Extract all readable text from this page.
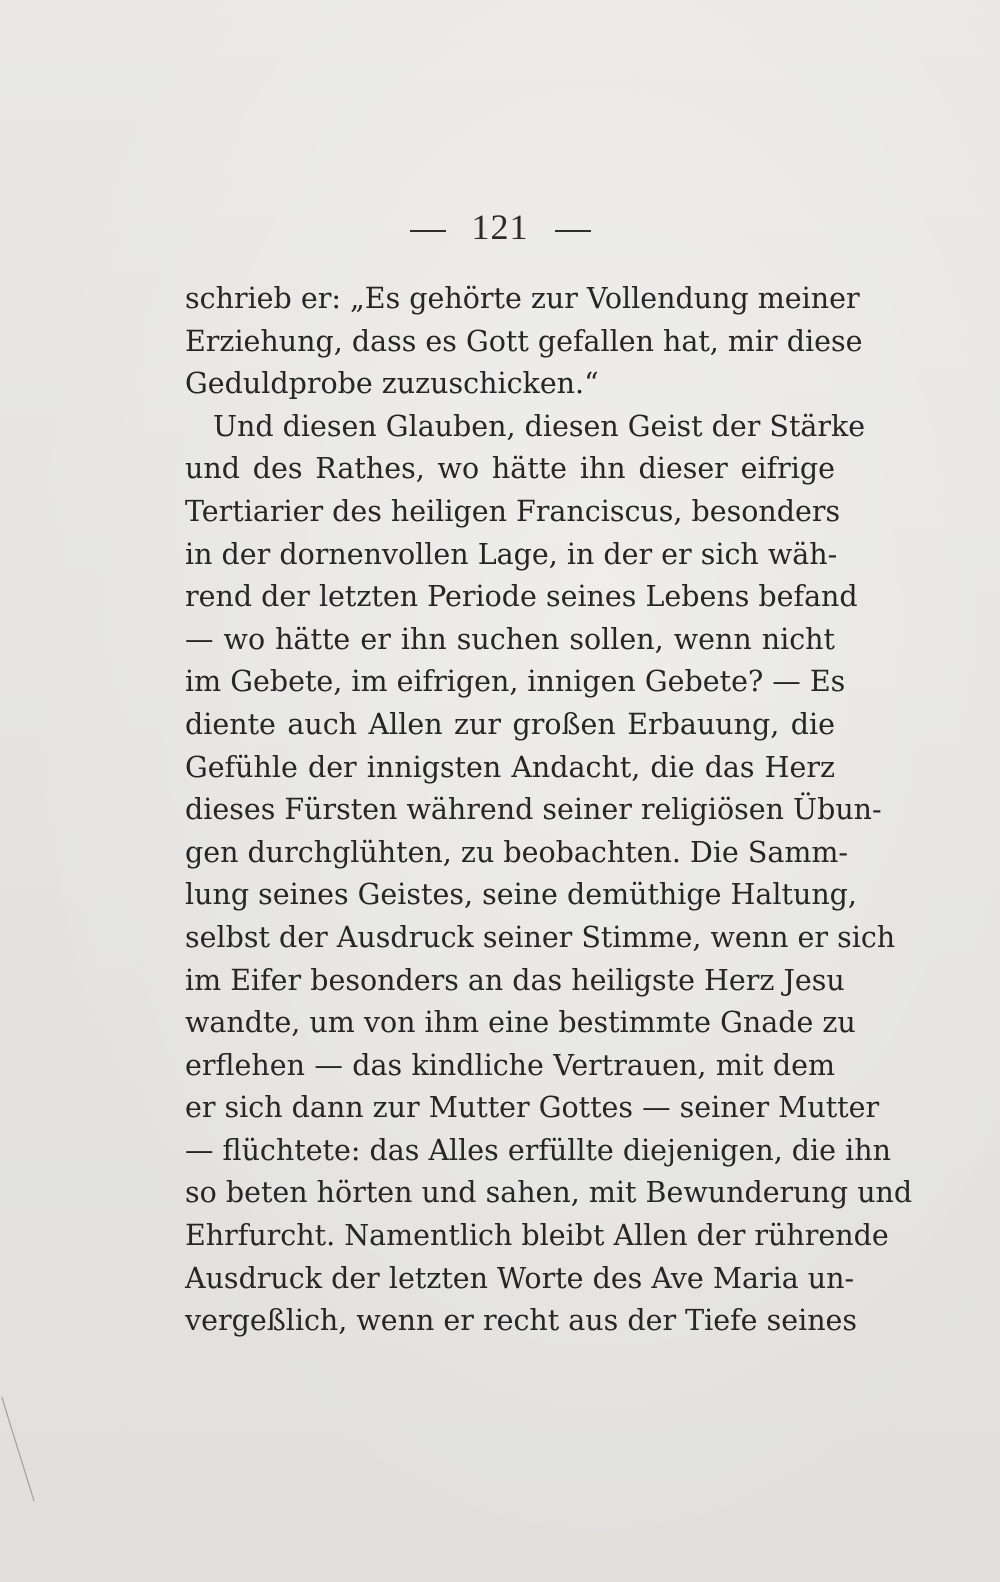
121
schrieb er: „Es gehörte zur Vollendung meiner
Erziehung, dass es Gott gefallen hat, mir diese
Geduldprobe zuzuschicken.“
Und diesen Glauben, diesen Geist der Stärke
und des Rathes, wo hätte ihn dieser eifrige
Tertiarier des heiligen Franciscus, besonders
in der dornenvollen Lage, in der er sich wäh-
rend der letzten Periode seines Lebens befand
— wo hätte er ihn suchen sollen, wenn nicht
im Gebete, im eifrigen, innigen Gebete? — Es
diente auch Allen zur großen Erbauung, die
Gefühle der innigsten Andacht, die das Herz
dieses Fürsten während seiner religiösen Übun-
gen durchglühten, zu beobachten. Die Samm-
lung seines Geistes, seine demüthige Haltung,
selbst der Ausdruck seiner Stimme, wenn er sich
im Eifer besonders an das heiligste Herz Jesu
wandte, um von ihm eine bestimmte Gnade zu
erflehen — das kindliche Vertrauen, mit dem
er sich dann zur Mutter Gottes — seiner Mutter
— flüchtete: das Alles erfüllte diejenigen, die ihn
so beten hörten und sahen, mit Bewunderung und
Ehrfurcht. Namentlich bleibt Allen der rührende
Ausdruck der letzten Worte des Ave Maria un-
vergeßlich, wenn er recht aus der Tiefe seines
